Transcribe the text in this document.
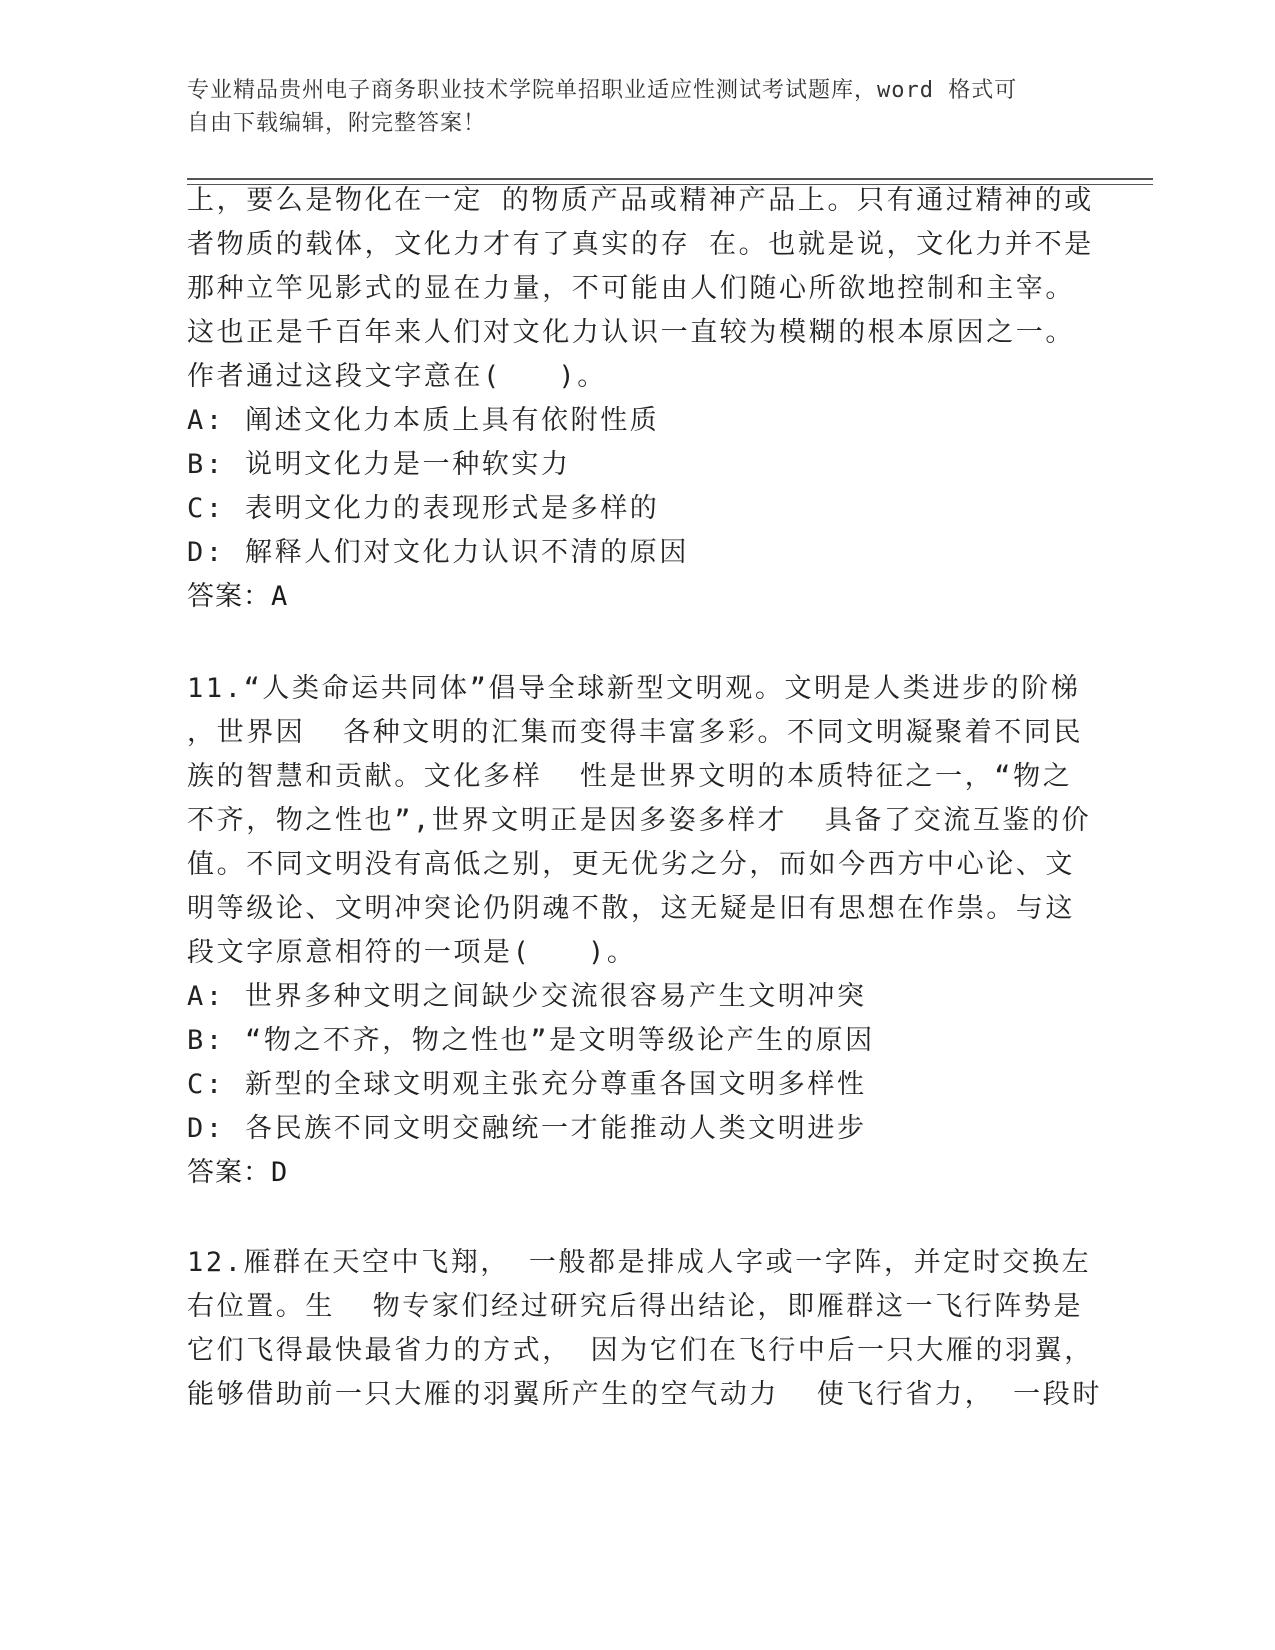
专业精品贵州电子商务职业技术学院单招职业适应性测试考试题库，word 格式可
自由下载编辑，附完整答案！
上，要么是物化在一定 的物质产品或精神产品上。只有通过精神的或
者物质的载体，文化力才有了真实的存 在。也就是说，文化力并不是
那种立竿见影式的显在力量，不可能由人们随心所欲地控制和主宰。
这也正是千百年来人们对文化力认识一直较为模糊的根本原因之一。
作者通过这段文字意在(   )。
A: 阐述文化力本质上具有依附性质
B: 说明文化力是一种软实力
C: 表明文化力的表现形式是多样的
D: 解释人们对文化力认识不清的原因
答案：A
11.“人类命运共同体”倡导全球新型文明观。文明是人类进步的阶梯
，世界因  各种文明的汇集而变得丰富多彩。不同文明凝聚着不同民
族的智慧和贡献。文化多样  性是世界文明的本质特征之一，“物之
不齐，物之性也”,世界文明正是因多姿多样才  具备了交流互鉴的价
值。不同文明没有高低之别，更无优劣之分，而如今西方中心论、文
明等级论、文明冲突论仍阴魂不散，这无疑是旧有思想在作祟。与这
段文字原意相符的一项是(   )。
A: 世界多种文明之间缺少交流很容易产生文明冲突
B: “物之不齐，物之性也”是文明等级论产生的原因
C: 新型的全球文明观主张充分尊重各国文明多样性
D: 各民族不同文明交融统一才能推动人类文明进步
答案：D
12.雁群在天空中飞翔， 一般都是排成人字或一字阵，并定时交换左
右位置。生  物专家们经过研究后得出结论，即雁群这一飞行阵势是
它们飞得最快最省力的方式， 因为它们在飞行中后一只大雁的羽翼，
能够借助前一只大雁的羽翼所产生的空气动力  使飞行省力， 一段时
